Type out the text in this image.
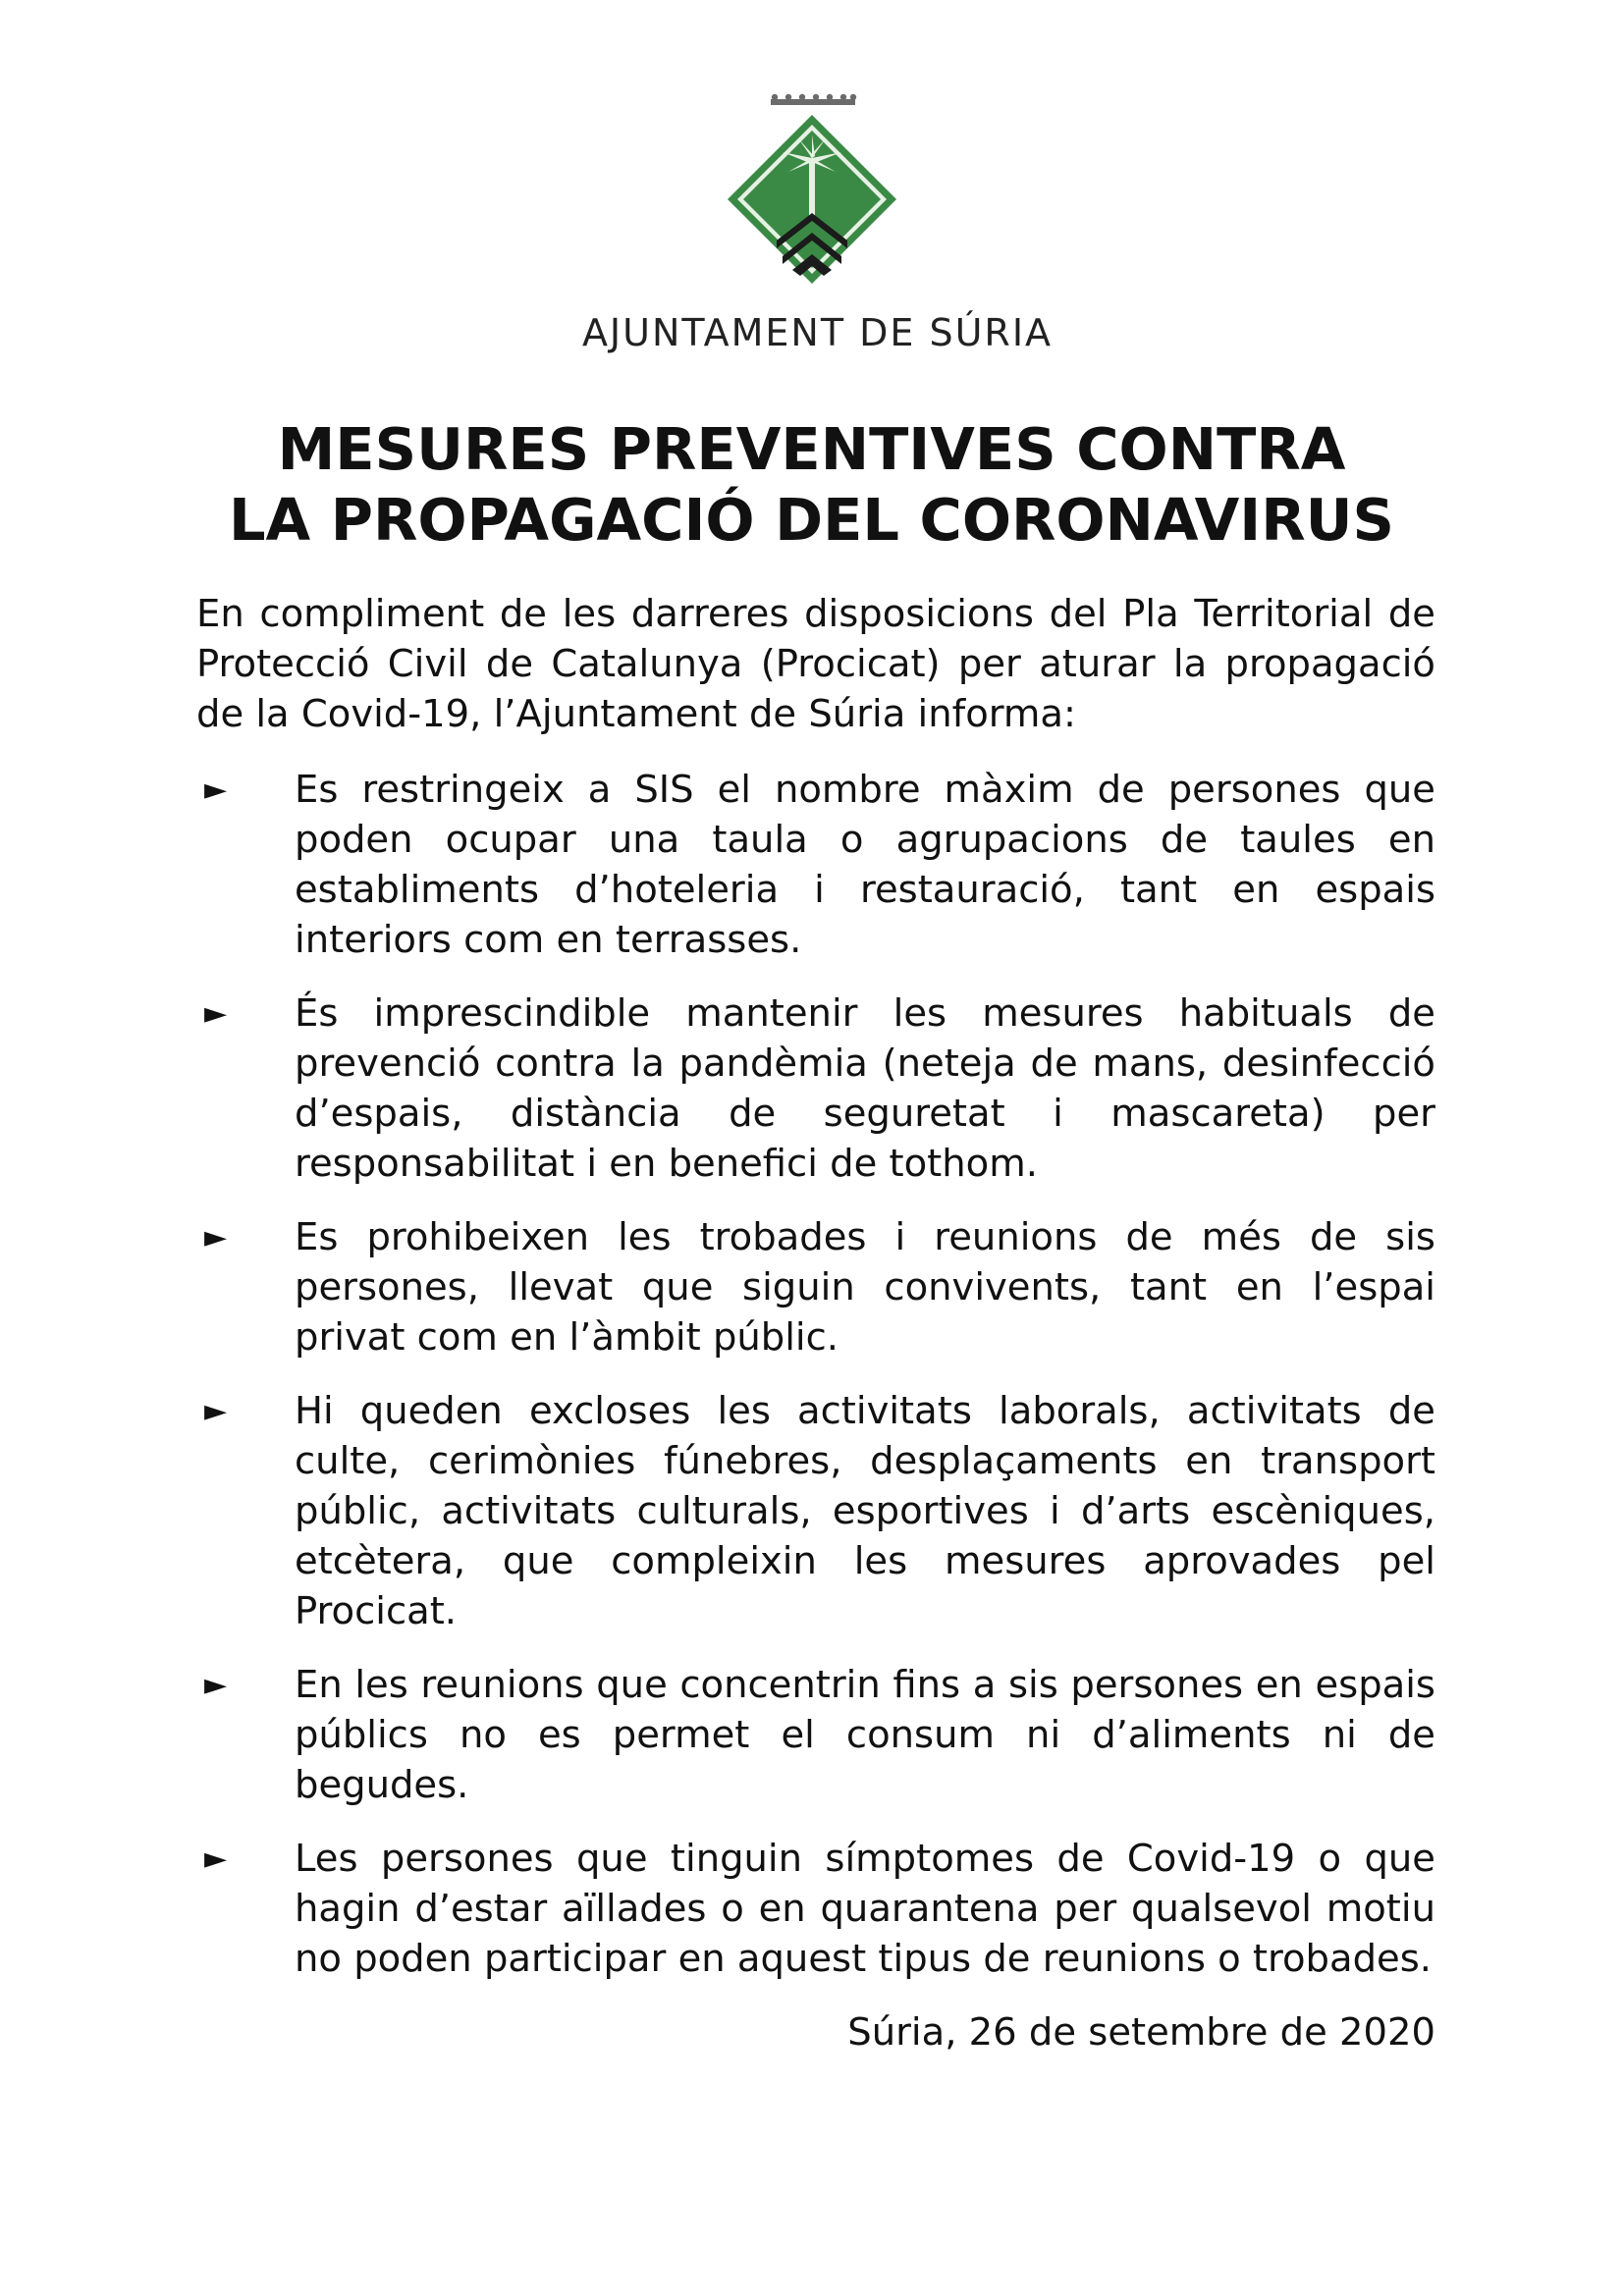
AJUNTAMENT DE SÚRIA
MESURES PREVENTIVES CONTRA
LA PROPAGACIÓ DEL CORONAVIRUS

En compliment de les darreres disposicions del Pla Territorial de Protecció Civil de Catalunya (Procicat) per aturar la propagació de la Covid-19, l’Ajuntament de Súria informa:

► Es restringeix a SIS el nombre màxim de persones que poden ocupar una taula o agrupacions de taules en establiments d’hoteleria i restauració, tant en espais interiors com en terrasses.
► És imprescindible mantenir les mesures habituals de prevenció contra la pandèmia (neteja de mans, desinfecció d’espais, distància de seguretat i mascareta) per responsabilitat i en benefici de tothom.
► Es prohibeixen les trobades i reunions de més de sis persones, llevat que siguin convivents, tant en l’espai privat com en l’àmbit públic.
► Hi queden excloses les activitats laborals, activitats de culte, cerimònies fúnebres, desplaçaments en transport públic, activitats culturals, esportives i d’arts escèniques, etcètera, que compleixin les mesures aprovades pel Procicat.
► En les reunions que concentrin fins a sis persones en espais públics no es permet el consum ni d’aliments ni de begudes.
► Les persones que tinguin símptomes de Covid-19 o que hagin d’estar aïllades o en quarantena per qualsevol motiu no poden participar en aquest tipus de reunions o trobades.
Súria, 26 de setembre de 2020
